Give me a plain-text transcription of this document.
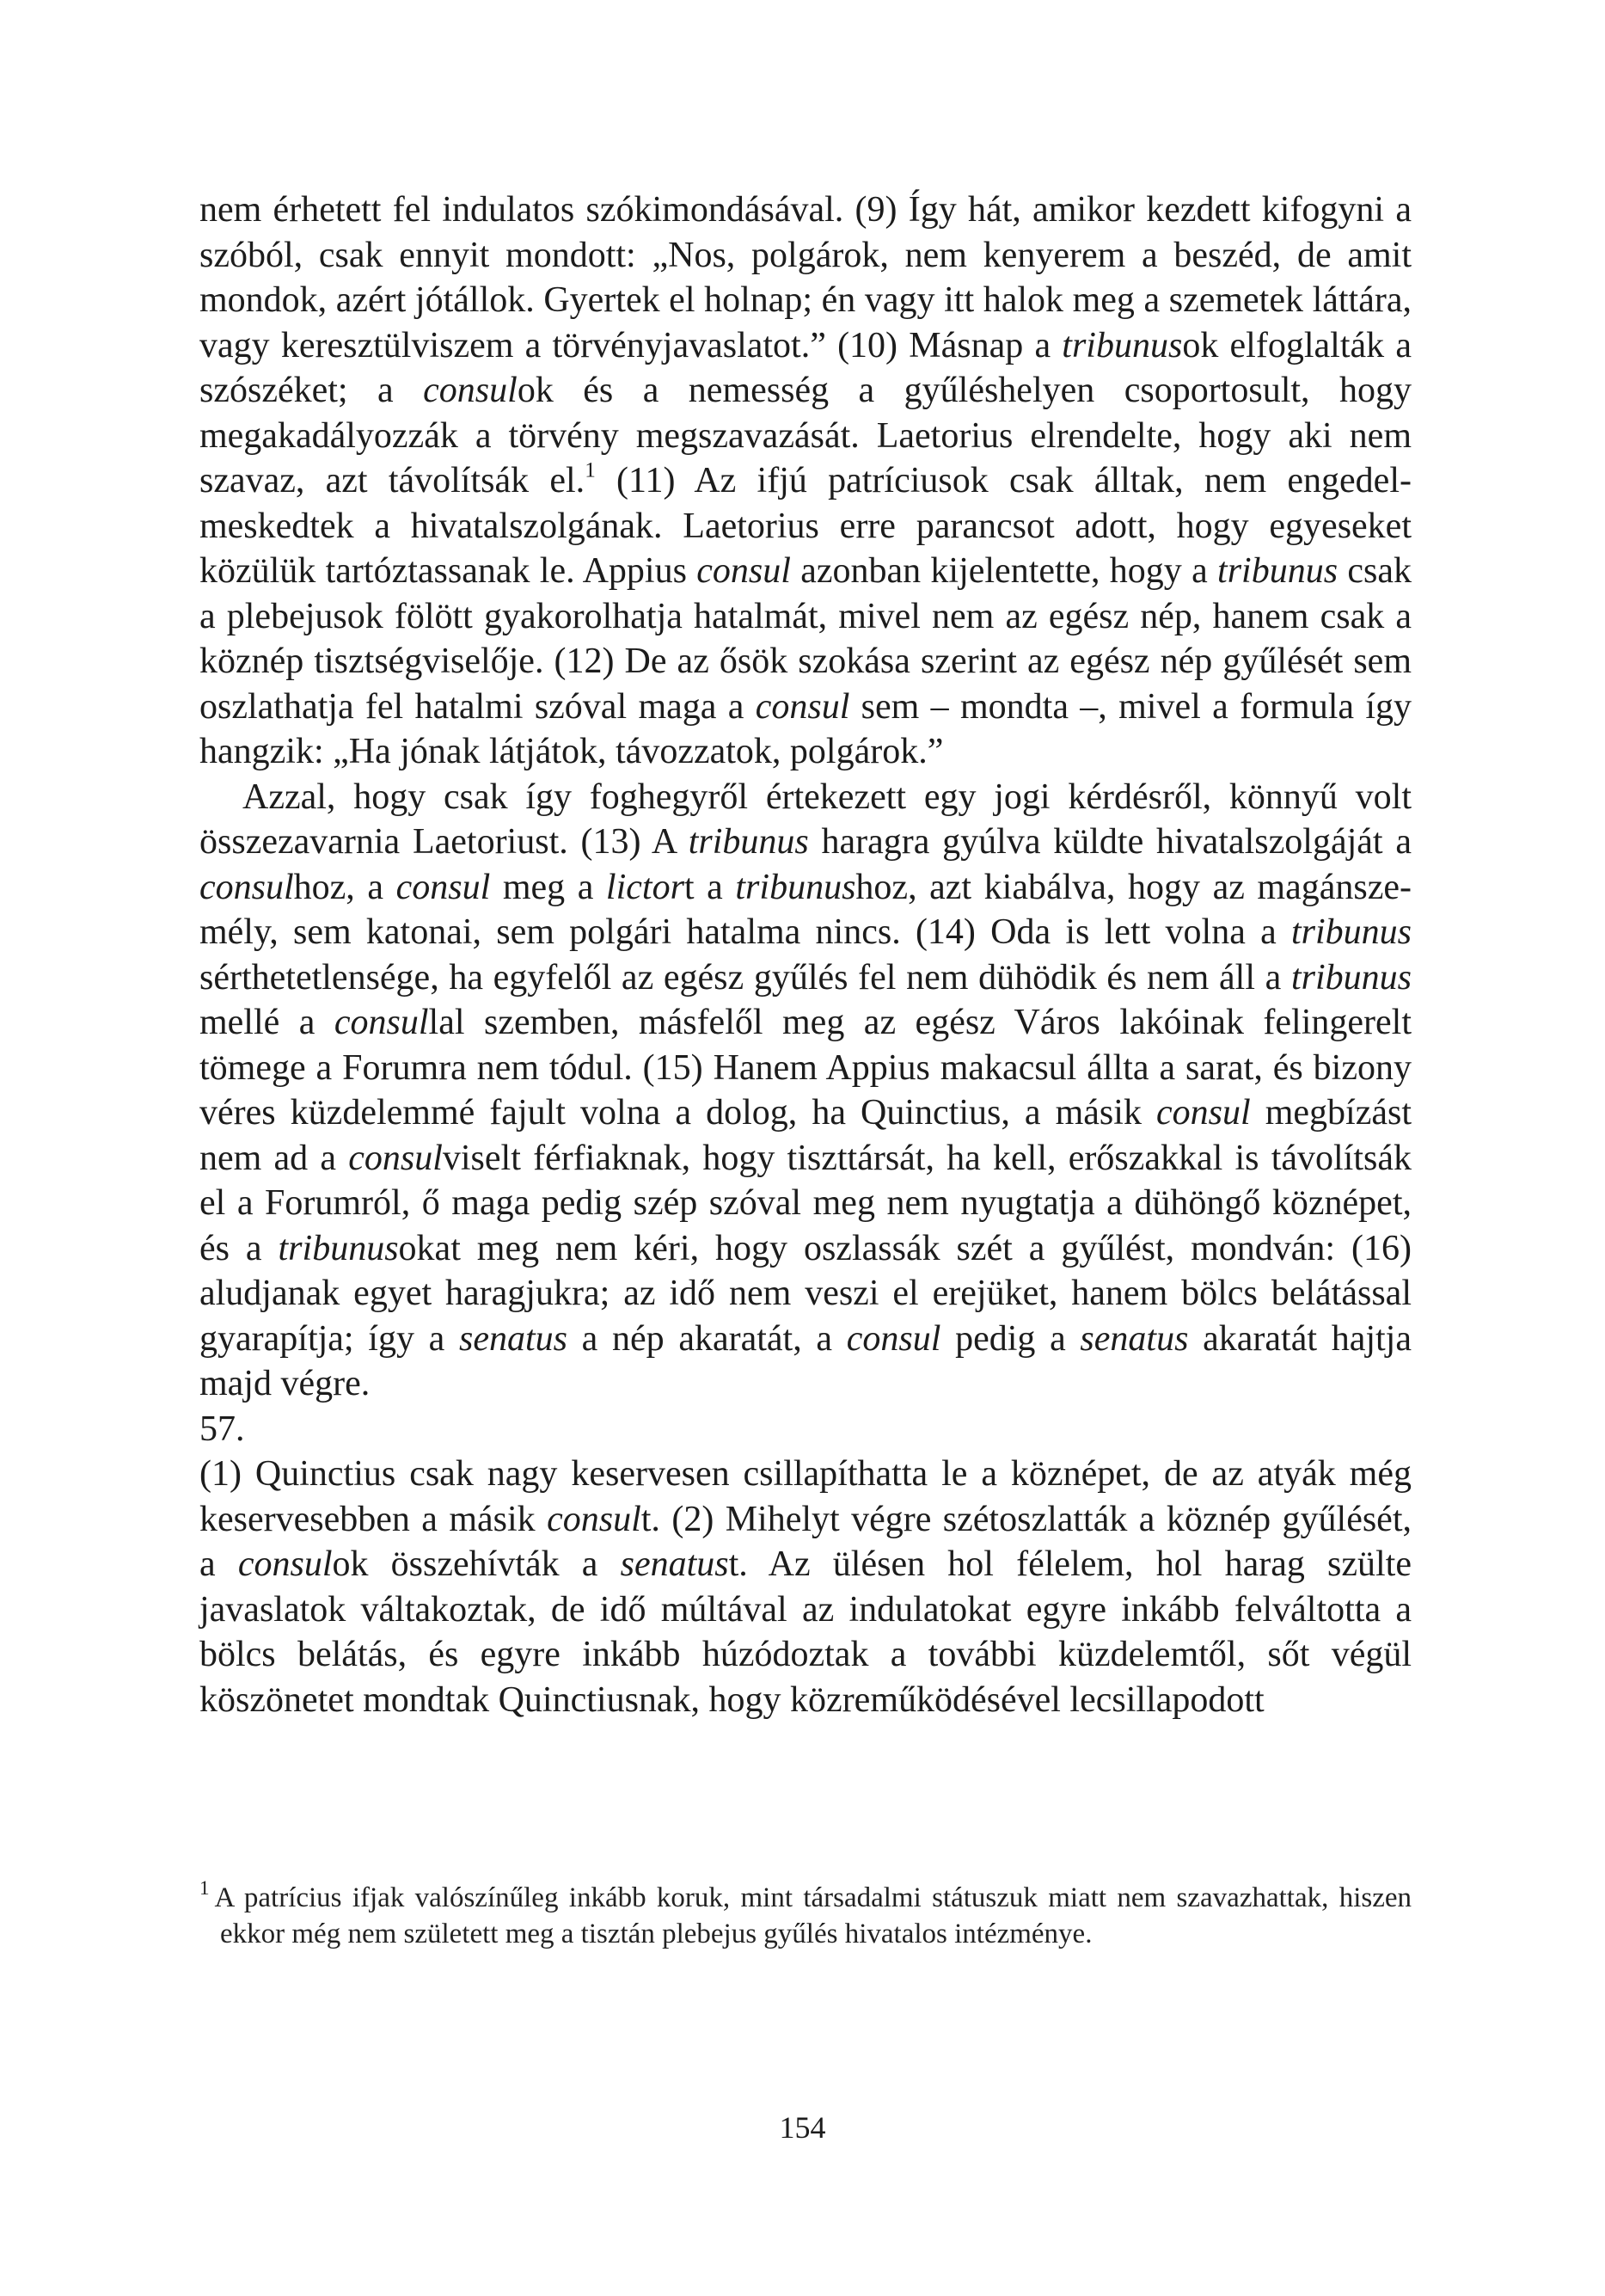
nem érhetett fel indulatos szókimondásával. (9) Így hát, amikor kezdett kifogyni a szóból, csak ennyit mondott: „Nos, polgárok, nem kenyerem a beszéd, de amit mondok, azért jótállok. Gyertek el holnap; én vagy itt halok meg a szemetek láttára, vagy keresztülviszem a törvényjavaslatot.” (10) Másnap a tribunusok elfoglalták a szószéket; a consulok és a nemesség a gyűléshelyen csoportosult, hogy megakadályozzák a törvény megszavazását. Laetorius elrendelte, hogy aki nem szavaz, azt távolítsák el.$^1$ (11) Az ifjú patríciusok csak álltak, nem engedelmeskedtek a hivatalszolgának. Laetorius erre parancsot adott, hogy egyeseket közülük tartóztassanak le. Appius consul azonban kijelentette, hogy a tribunus csak a plebejusok fölött gyakorolhatja hatalmát, mivel nem az egész nép, hanem csak a köznép tisztségviselője. (12) De az ősök szokása szerint az egész nép gyűlését sem oszlathatja fel hatalmi szóval maga a consul sem – mondta –, mivel a formula így hangzik: „Ha jónak látjátok, távozzatok, polgárok.”

Azzal, hogy csak így foghegyről értekezett egy jogi kérdésről, könnyű volt összezavarnia Laetoriust. (13) A tribunus haragra gyúlva küldte hivatalszolgáját a consulhoz, a consul meg a lictort a tribunushoz, azt kiabálva, hogy az magánszemély, sem katonai, sem polgári hatalma nincs. (14) Oda is lett volna a tribunus sérthetetlensége, ha egyfelől az egész gyűlés fel nem dühödik és nem áll a tribunus mellé a consullal szemben, másfelől meg az egész Város lakóinak felingerelt tömege a Forumra nem tódul. (15) Hanem Appius makacsul állta a sarat, és bizony véres küzdelemmé fajult volna a dolog, ha Quinctius, a másik consul megbízást nem ad a consulviselt férfiaknak, hogy tiszttársát, ha kell, erőszakkal is távolítsák el a Forumról, ő maga pedig szép szóval meg nem nyugtatja a dühöngő köznépet, és a tribunusokat meg nem kéri, hogy oszlassák szét a gyűlést, mondván: (16) aludjanak egyet haragjukra; az idő nem veszi el erejüket, hanem bölcs belátással gyarapítja; így a senatus a nép akaratát, a consul pedig a senatus akaratát hajtja majd végre.

57.

(1) Quinctius csak nagy keservesen csillapíthatta le a köznépet, de az atyák még keservesebben a másik consult. (2) Mihelyt végre szétoszlatták a köznép gyűlését, a consulok összehívták a senatust. Az ülésen hol félelem, hol harag szülte javaslatok váltakoztak, de idő múltával az indulatokat egyre inkább felváltotta a bölcs belátás, és egyre inkább húzódoztak a további küzdelemtől, sőt végül köszönetet mondtak Quinctiusnak, hogy közreműködésével lecsillapodott

$^1$ A patrícius ifjak valószínűleg inkább koruk, mint társadalmi státuszuk miatt nem szavazhattak, hiszen ekkor még nem született meg a tisztán plebejus gyűlés hivatalos intézménye.

154
